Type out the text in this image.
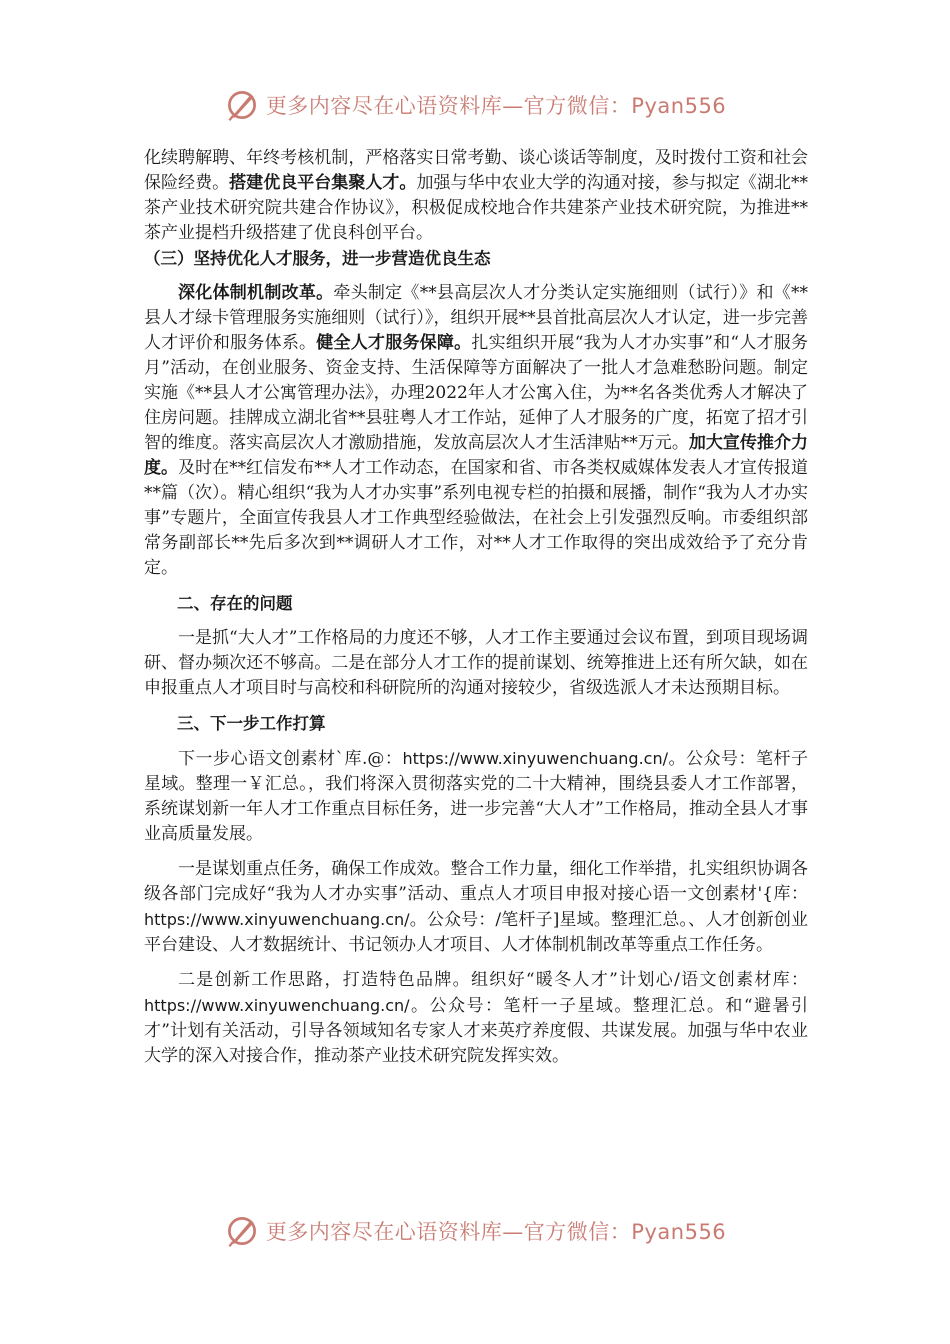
更多内容尽在心语资料库—官方微信：Pyan556

化续聘解聘、年终考核机制，严格落实日常考勤、谈心谈话等制度，及时拨付工资和社会保险经费。搭建优良平台集聚人才。加强与华中农业大学的沟通对接，参与拟定《湖北**茶产业技术研究院共建合作协议》，积极促成校地合作共建茶产业技术研究院，为推进**茶产业提档升级搭建了优良科创平台。

（三）坚持优化人才服务，进一步营造优良生态

深化体制机制改革。牵头制定《**县高层次人才分类认定实施细则（试行）》和《**县人才绿卡管理服务实施细则（试行）》，组织开展**县首批高层次人才认定，进一步完善人才评价和服务体系。健全人才服务保障。扎实组织开展“我为人才办实事”和“人才服务月”活动，在创业服务、资金支持、生活保障等方面解决了一批人才急难愁盼问题。制定实施《**县人才公寓管理办法》，办理2022年人才公寓入住，为**名各类优秀人才解决了住房问题。挂牌成立湖北省**县驻粤人才工作站，延伸了人才服务的广度，拓宽了招才引智的维度。落实高层次人才激励措施，发放高层次人才生活津贴**万元。加大宣传推介力度。及时在**红信发布**人才工作动态，在国家和省、市各类权威媒体发表人才宣传报道**篇（次）。精心组织“我为人才办实事”系列电视专栏的拍摄和展播，制作“我为人才办实事”专题片，全面宣传我县人才工作典型经验做法，在社会上引发强烈反响。市委组织部常务副部长**先后多次到**调研人才工作，对**人才工作取得的突出成效给予了充分肯定。

二、存在的问题

一是抓“大人才”工作格局的力度还不够，人才工作主要通过会议布置，到项目现场调研、督办频次还不够高。二是在部分人才工作的提前谋划、统筹推进上还有所欠缺，如在申报重点人才项目时与高校和科研院所的沟通对接较少，省级选派人才未达预期目标。

三、下一步工作打算

下一步心语文创素材`库.@：https://www.xinyuwenchuang.cn/。公众号：笔杆子星域。整理一￥汇总。，我们将深入贯彻落实党的二十大精神，围绕县委人才工作部署，系统谋划新一年人才工作重点目标任务，进一步完善“大人才”工作格局，推动全县人才事业高质量发展。

一是谋划重点任务，确保工作成效。整合工作力量，细化工作举措，扎实组织协调各级各部门完成好“我为人才办实事”活动、重点人才项目申报对接心语一文创素材'{库：https://www.xinyuwenchuang.cn/。公众号：/笔杆子]星域。整理汇总。、人才创新创业平台建设、人才数据统计、书记领办人才项目、人才体制机制改革等重点工作任务。

二是创新工作思路，打造特色品牌。组织好“暖冬人才”计划心/语文创素材库：https://www.xinyuwenchuang.cn/。公众号：笔杆一子星域。整理汇总。和“避暑引才”计划有关活动，引导各领域知名专家人才来英疗养度假、共谋发展。加强与华中农业大学的深入对接合作，推动茶产业技术研究院发挥实效。

更多内容尽在心语资料库—官方微信：Pyan556
